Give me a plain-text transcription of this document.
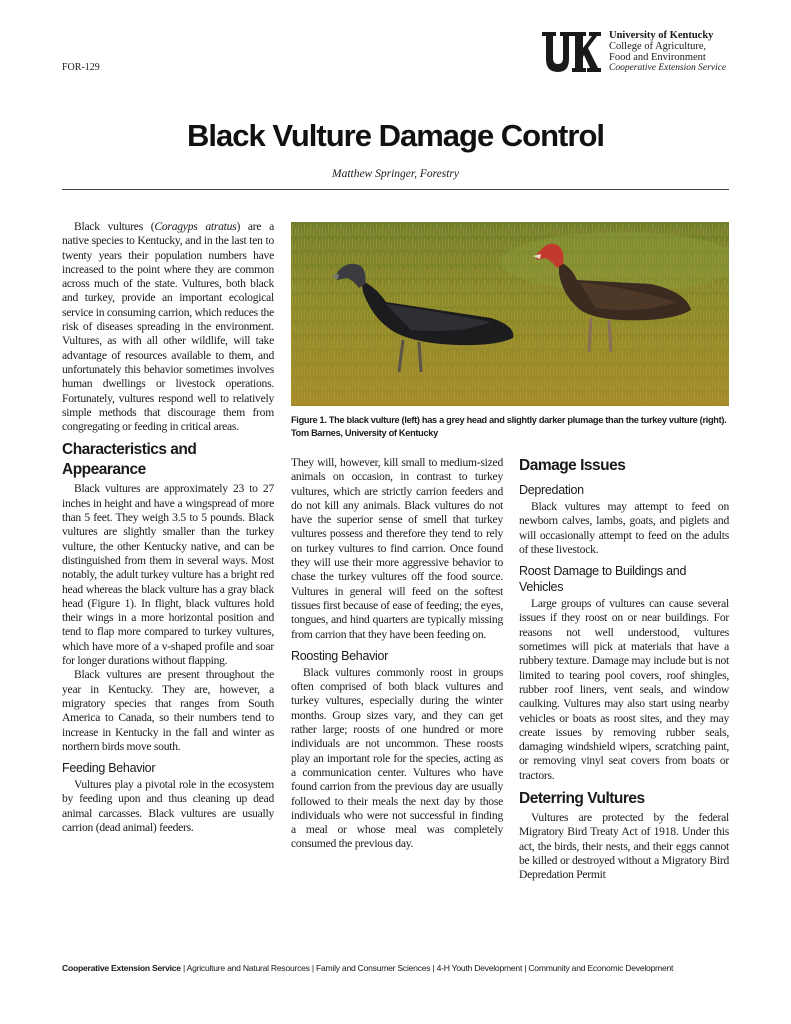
FOR-129
University of Kentucky
College of Agriculture,
Food and Environment
Cooperative Extension Service
Black Vulture Damage Control
Matthew Springer, Forestry

Black vultures (Coragyps atratus) are a native species to Kentucky, and in the last ten to twenty years their population numbers have increased to the point where they are common across much of the state. Vultures, both black and turkey, provide an important ecological service in consuming carrion, which reduces the risk of diseases spreading in the environment. Vultures, as with all other wildlife, will take advantage of resources available to them, and unfortunately this behavior sometimes involves human dwellings or livestock operations. Fortunately, vultures respond well to relatively simple methods that discourage them from congregating or feeding in critical areas.

Characteristics and Appearance

Black vultures are approximately 23 to 27 inches in height and have a wingspread of more than 5 feet. They weigh 3.5 to 5 pounds. Black vultures are slightly smaller than the turkey vulture, the other Kentucky native, and can be distinguished from them in several ways. Most notably, the adult turkey vulture has a bright red head whereas the black vulture has a gray black head (Figure 1). In flight, black vultures hold their wings in a more horizontal position and tend to flap more compared to turkey vultures, which have more of a v-shaped profile and soar for longer durations without flapping.

Black vultures are present throughout the year in Kentucky. They are, however, a migratory species that ranges from South America to Canada, so their numbers tend to increase in Kentucky in the fall and winter as northern birds move south.

Feeding Behavior

Vultures play a pivotal role in the ecosystem by feeding upon and thus cleaning up dead animal carcasses. Black vultures are usually carrion (dead animal) feeders.

Figure 1. The black vulture (left) has a grey head and slightly darker plumage than the turkey vulture (right). Tom Barnes, University of Kentucky

They will, however, kill small to medium-sized animals on occasion, in contrast to turkey vultures, which are strictly carrion feeders and do not kill any animals. Black vultures do not have the superior sense of smell that turkey vultures possess and therefore they tend to rely on turkey vultures to find carrion. Once found they will use their more aggressive behavior to chase the turkey vultures off the food source. Vultures in general will feed on the softest tissues first because of ease of feeding; the eyes, tongues, and hind quarters are typically missing from carrion that they have been feeding on.

Roosting Behavior

Black vultures commonly roost in groups often comprised of both black vultures and turkey vultures, especially during the winter months. Group sizes vary, and they can get rather large; roosts of one hundred or more individuals are not uncommon. These roosts play an important role for the species, acting as a communication center. Vultures who have found carrion from the previous day are usually followed to their meals the next day by those individuals who were not successful in finding a meal or whose meal was completely consumed the previous day.

Damage Issues
Depredation

Black vultures may attempt to feed on newborn calves, lambs, goats, and piglets and will occasionally attempt to feed on the adults of these livestock.

Roost Damage to Buildings and Vehicles

Large groups of vultures can cause several issues if they roost on or near buildings. For reasons not well understood, vultures sometimes will pick at materials that have a rubbery texture. Damage may include but is not limited to tearing pool covers, roof shingles, rubber roof liners, vent seals, and window caulking. Vultures may also start using nearby vehicles or boats as roost sites, and they may create issues by removing rubber seals, damaging windshield wipers, scratching paint, or removing vinyl seat covers from boats or tractors.

Deterring Vultures

Vultures are protected by the federal Migratory Bird Treaty Act of 1918. Under this act, the birds, their nests, and their eggs cannot be killed or destroyed without a Migratory Bird Depredation Permit

Cooperative Extension Service | Agriculture and Natural Resources | Family and Consumer Sciences | 4-H Youth Development | Community and Economic Development
